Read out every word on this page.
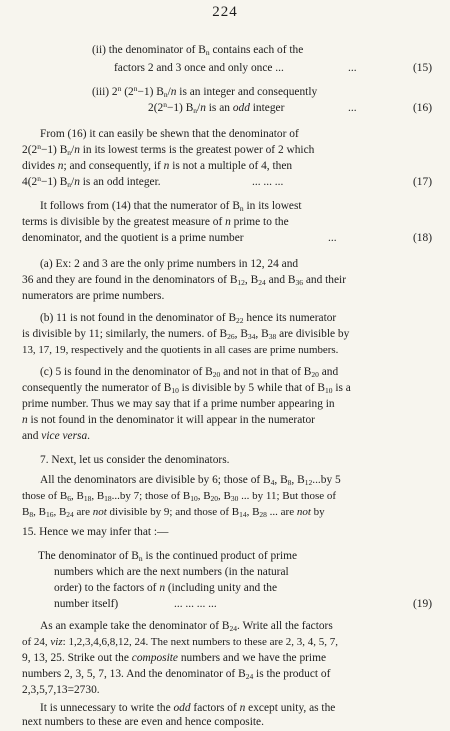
224
(ii) the denominator of $B_n$ contains each of the
factors 2 and 3 once and only once ...	...	(15)
(iii) 2$^n$ $(2^n-1)$ $B_n/n$ is an integer and consequently
$2(2^n-1)$ $B_n/n$ is an odd integer	...	(16)
From (16) it can easily be shewn that the denominator of
$2(2^n-1)$ $B_n/n$ in its lowest terms is the greatest power of 2 which
divides n; and consequently, if n is not a multiple of 4, then
$4(2^n-1)$ $B_n/n$ is an odd integer.	... ... ...	(17)
It follows from (14) that the numerator of $B_n$ in its lowest
terms is divisible by the greatest measure of n prime to the
denominator, and the quotient is a prime number	...	(18)
(a) Ex: 2 and 3 are the only prime numbers in 12, 24 and
36 and they are found in the denominators of $B_{12}$, $B_{24}$ and $B_{36}$ and their
numerators are prime numbers.
(b) 11 is not found in the denominator of $B_{22}$ hence its numerator
is divisible by 11; similarly, the numers. of $B_{26}$, $B_{34}$, $B_{38}$ are divisible by
13, 17, 19, respectively and the quotients in all cases are prime numbers.
(c) 5 is found in the denominator of $B_{20}$ and not in that of $B_{20}$ and
consequently the numerator of $B_{10}$ is divisible by 5 while that of $B_{10}$ is a
prime number. Thus we may say that if a prime number appearing in
n is not found in the denominator it will appear in the numerator
and vice versa.
7. Next, let us consider the denominators.
All the denominators are divisible by 6; those of $B_4$, $B_8$, $B_{12}...by$ 5
those of $B_6$, $B_{18}$, $B_{18}...by$ 7; those of $B_{10}$, $B_{20}$, $B_{30}$ ... by 11; But those of
$B_8$, $B_{16}$, $B_{24}$ are not divisible by 9; and those of $B_{14}$, $B_{28}$ ... are not by
15. Hence we may infer that :—
The denominator of $B_n$ is the continued product of prime
numbers which are the next numbers (in the natural
order) to the factors of n (including unity and the
number itself)	... ... ... ...	(19)
As an example take the denominator of $B_{24}$. Write all the factors
of 24, viz: 1,2,3,4,6,8,12, 24. The next numbers to these are 2, 3, 4, 5, 7,
9, 13, 25. Strike out the composite numbers and we have the prime
numbers 2, 3, 5, 7, 13. And the denominator of $B_{24}$ is the product of
2,3,5,7,13=2730.
It is unnecessary to write the odd factors of n except unity, as the
next numbers to these are even and hence composite.
